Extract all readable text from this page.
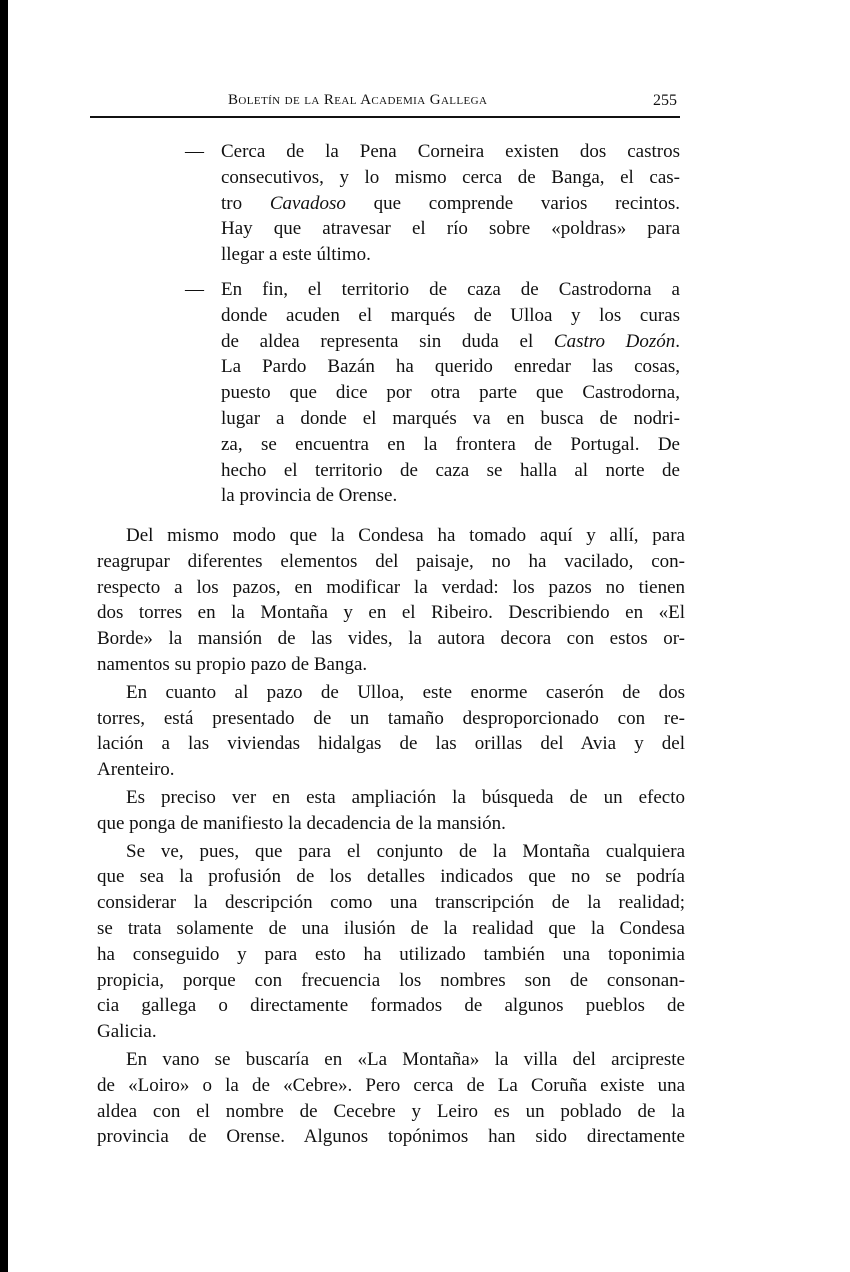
Boletín de la Real Academia Gallega	255
— Cerca de la Pena Corneira existen dos castros
consecutivos, y lo mismo cerca de Banga, el cas-
tro Cavadoso que comprende varios recintos.
Hay que atravesar el río sobre «poldras» para
llegar a este último.
— En fin, el territorio de caza de Castrodorna a
donde acuden el marqués de Ulloa y los curas
de aldea representa sin duda el Castro Dozón.
La Pardo Bazán ha querido enredar las cosas,
puesto que dice por otra parte que Castrodorna,
lugar a donde el marqués va en busca de nodri-
za, se encuentra en la frontera de Portugal. De
hecho el territorio de caza se halla al norte de
la provincia de Orense.
Del mismo modo que la Condesa ha tomado aquí y allí, para
reagrupar diferentes elementos del paisaje, no ha vacilado, con-
respecto a los pazos, en modificar la verdad: los pazos no tienen
dos torres en la Montaña y en el Ribeiro. Describiendo en «El
Borde» la mansión de las vides, la autora decora con estos or-
namentos su propio pazo de Banga.
En cuanto al pazo de Ulloa, este enorme caserón de dos
torres, está presentado de un tamaño desproporcionado con re-
lación a las viviendas hidalgas de las orillas del Avia y del
Arenteiro.
Es preciso ver en esta ampliación la búsqueda de un efecto
que ponga de manifiesto la decadencia de la mansión.
Se ve, pues, que para el conjunto de la Montaña cualquiera
que sea la profusión de los detalles indicados que no se podría
considerar la descripción como una transcripción de la realidad;
se trata solamente de una ilusión de la realidad que la Condesa
ha conseguido y para esto ha utilizado también una toponimia
propicia, porque con frecuencia los nombres son de consonan-
cia gallega o directamente formados de algunos pueblos de
Galicia.
En vano se buscaría en «La Montaña» la villa del arcipreste
de «Loiro» o la de «Cebre». Pero cerca de La Coruña existe una
aldea con el nombre de Cecebre y Leiro es un poblado de la
provincia de Orense. Algunos topónimos han sido directamente
